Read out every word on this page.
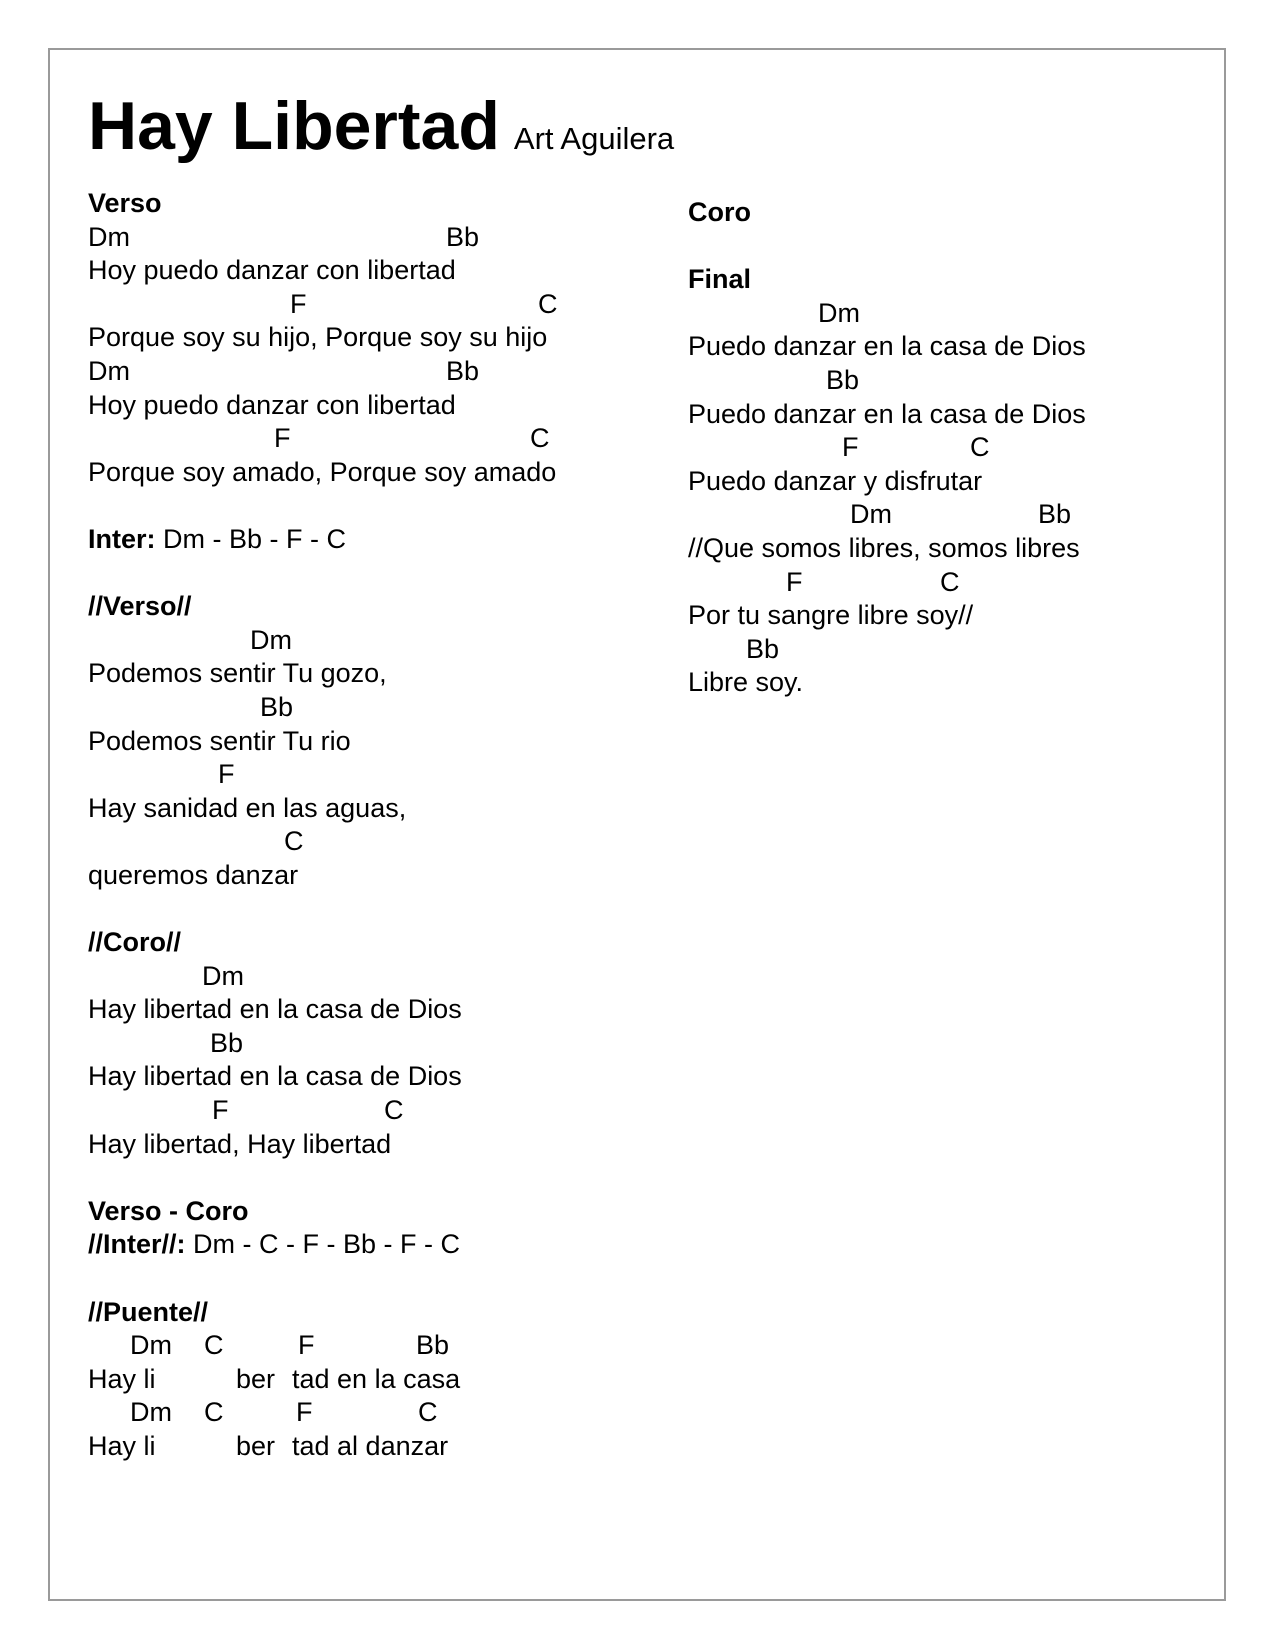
Hay Libertad Art Aguilera
Verso
Dm	Bb
Hoy puedo danzar con libertad
F	C
Porque soy su hijo, Porque soy su hijo
Dm	Bb
Hoy puedo danzar con libertad
F	C
Porque soy amado, Porque soy amado
Inter: Dm - Bb - F - C
//Verso//
Dm
Podemos sentir Tu gozo,
Bb
Podemos sentir Tu rio
F
Hay sanidad en las aguas,
C
queremos danzar
//Coro//
Dm
Hay libertad en la casa de Dios
Bb
Hay libertad en la casa de Dios
F	C
Hay libertad, Hay libertad
Verso - Coro
//Inter//: Dm - C - F - Bb - F - C
//Puente//
Dm C	F	Bb
Hay li	ber tad en la casa
Dm C	F	C
Hay li	ber tad al danzar
Coro
Final
Dm
Puedo danzar en la casa de Dios
Bb
Puedo danzar en la casa de Dios
F	C
Puedo danzar y disfrutar
Dm	Bb
//Que somos libres, somos libres
F	C
Por tu sangre libre soy//
Bb
Libre soy.
